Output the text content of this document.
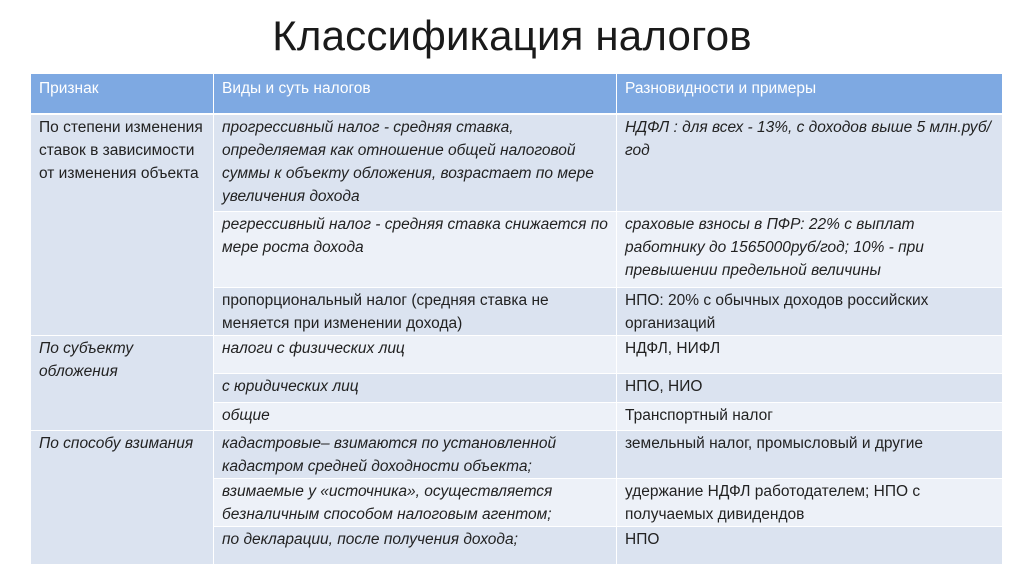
Классификация налогов
Признак	Виды и суть налогов	Разновидности и примеры
По степени изменения ставок в зависимости от изменения объекта	прогрессивный налог - средняя ставка, определяемая как отношение общей налоговой суммы к объекту обложения, возрастает по мере увеличения дохода	НДФЛ : для всех - 13%, с доходов выше 5 млн.руб/год
	регрессивный налог - средняя ставка снижается по мере роста дохода	сраховые взносы в ПФР: 22% с выплат работнику до 1565000руб/год; 10% - при превышении предельной величины
	пропорциональный налог (средняя ставка не меняется при изменении дохода)	НПО: 20% с обычных доходов российских организаций
По субъекту обложения	налоги с физических лиц	НДФЛ, НИФЛ
	с юридических лиц	НПО, НИО
	общие	Транспортный налог
По способу взимания	кадастровые– взимаются по установленной кадастром средней доходности объекта;	земельный налог, промысловый и другие
	взимаемые у «источника», осуществляется безналичным способом налоговым агентом;	удержание НДФЛ работодателем; НПО с получаемых дивидендов
	по декларации, после получения дохода;	НПО
